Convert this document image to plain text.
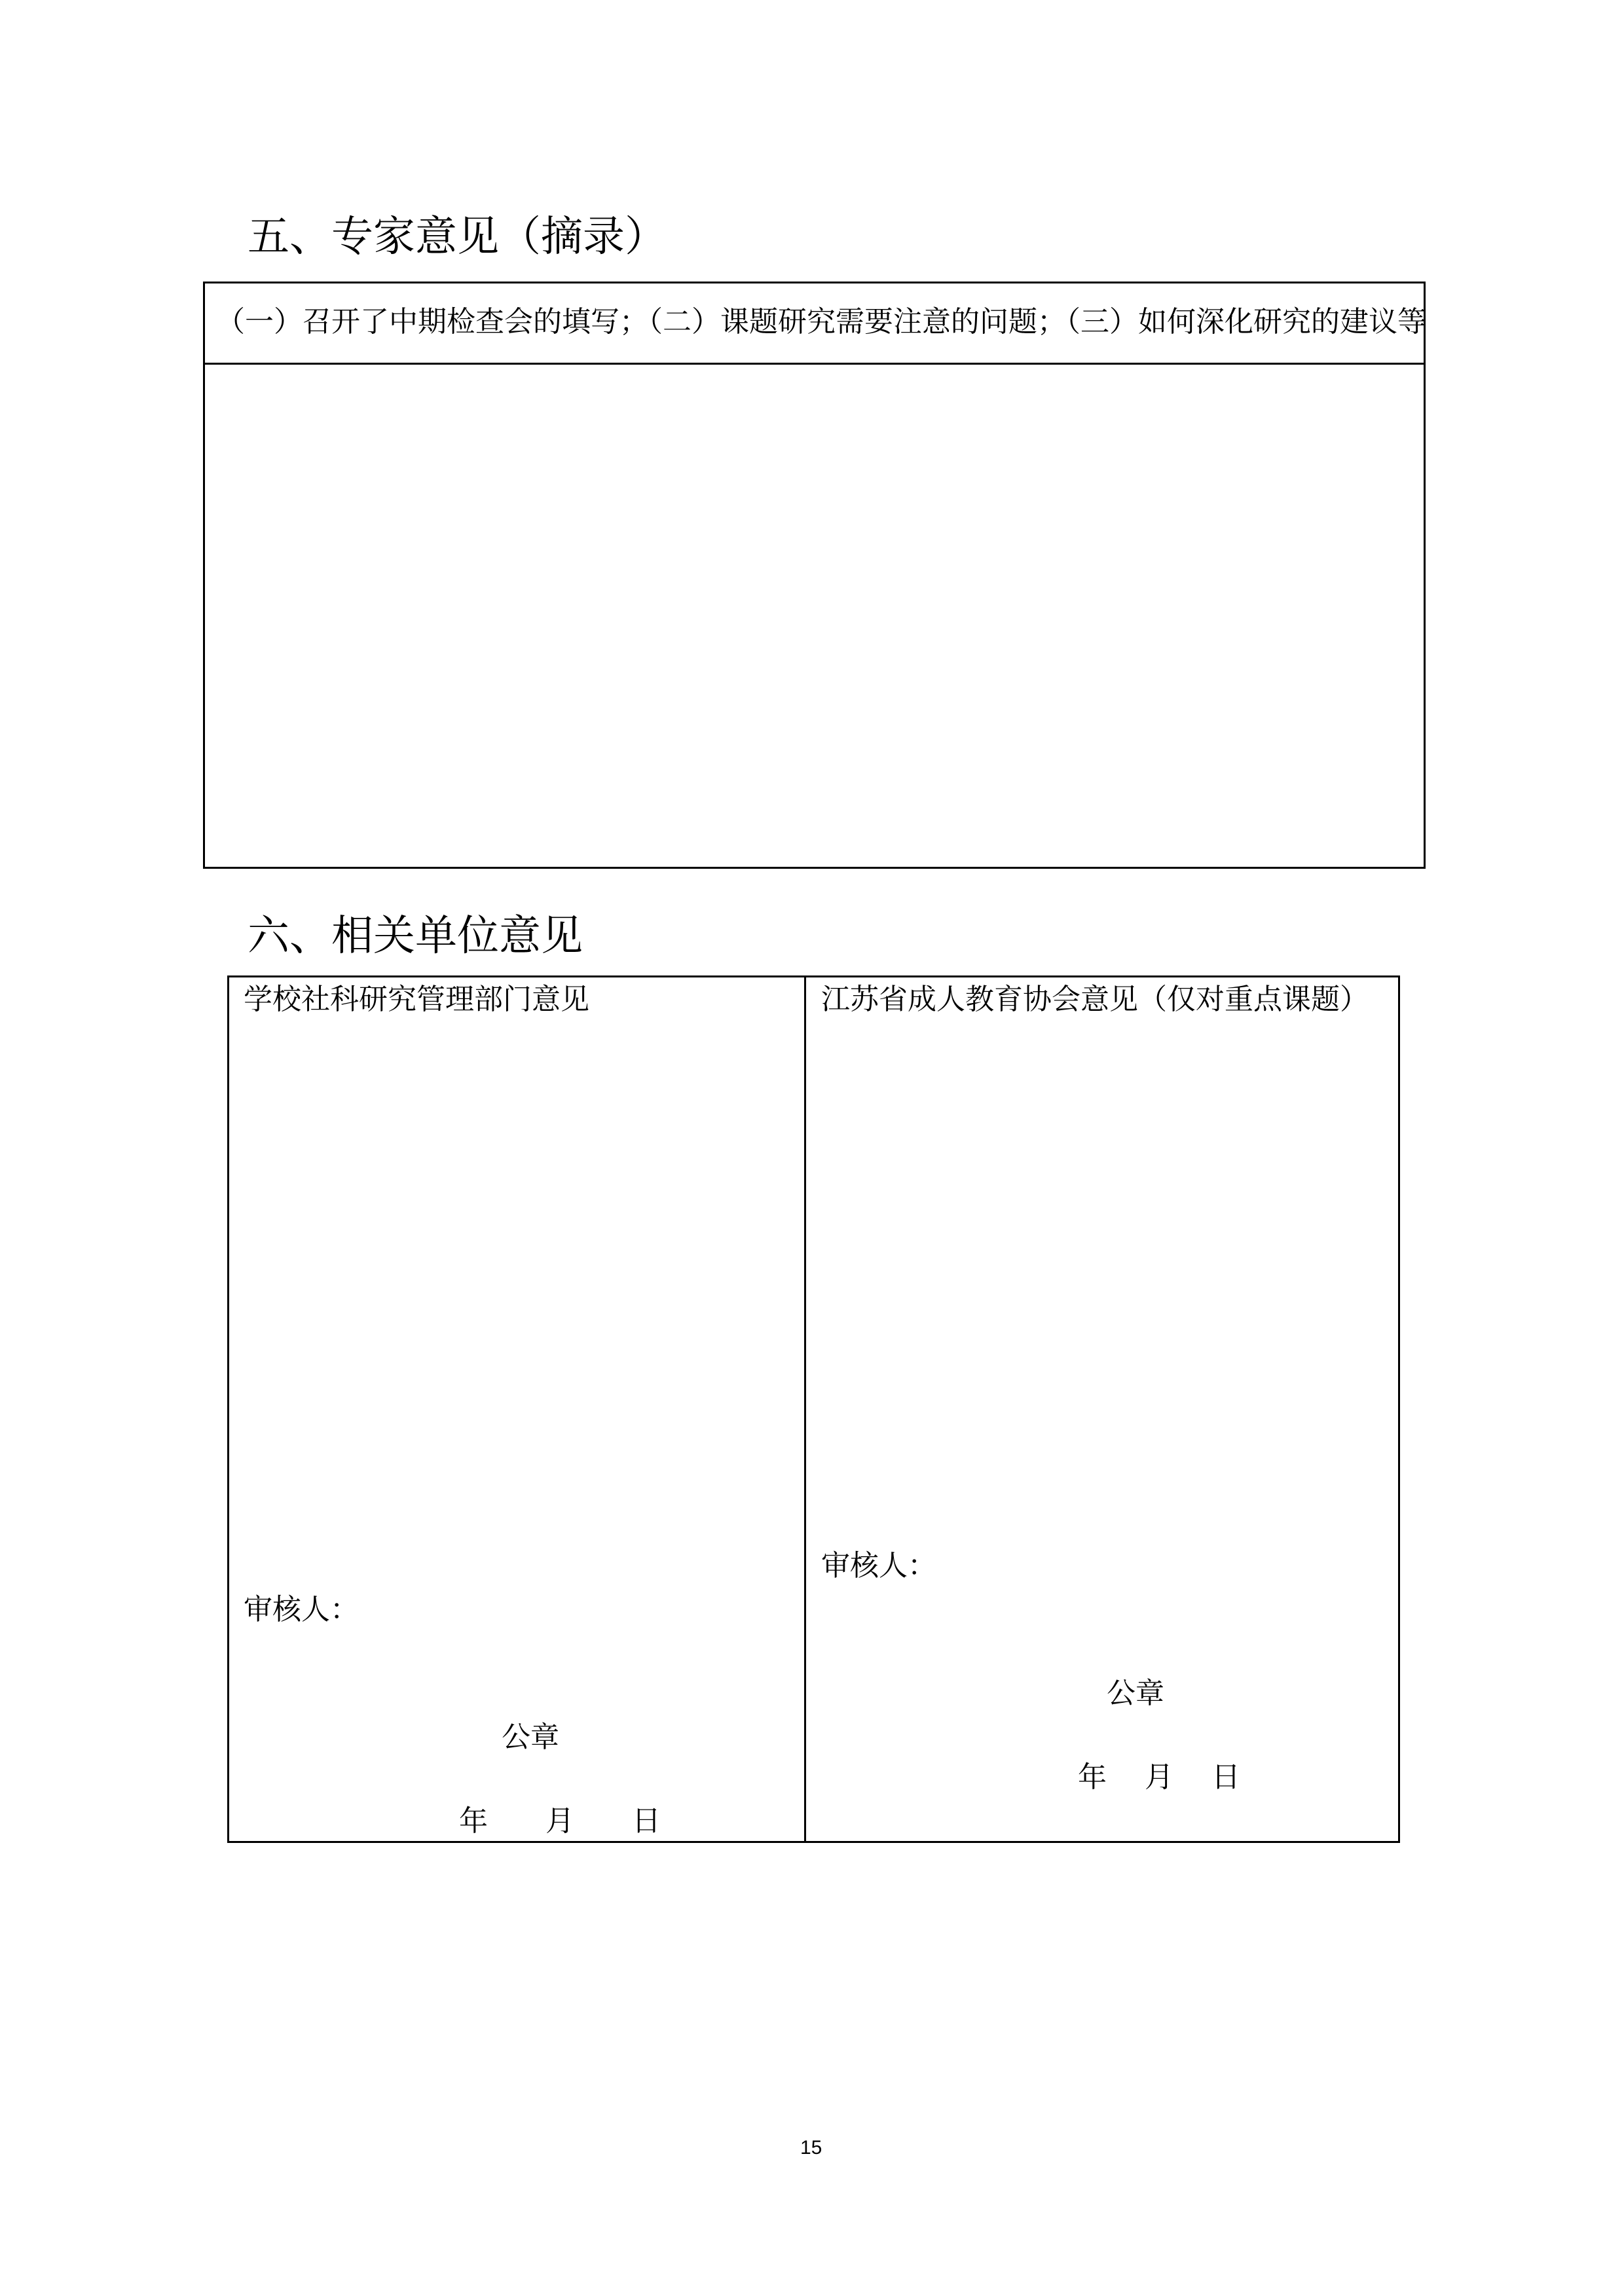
五、专家意见（摘录）
（一）召开了中期检查会的填写；（二）课题研究需要注意的问题；（三）如何深化研究的建议等
六、相关单位意见
学校社科研究管理部门意见
审核人：
公章
年　　月　　日
江苏省成人教育协会意见（仅对重点课题）
审核人：
公章
年　 月　 日
15
